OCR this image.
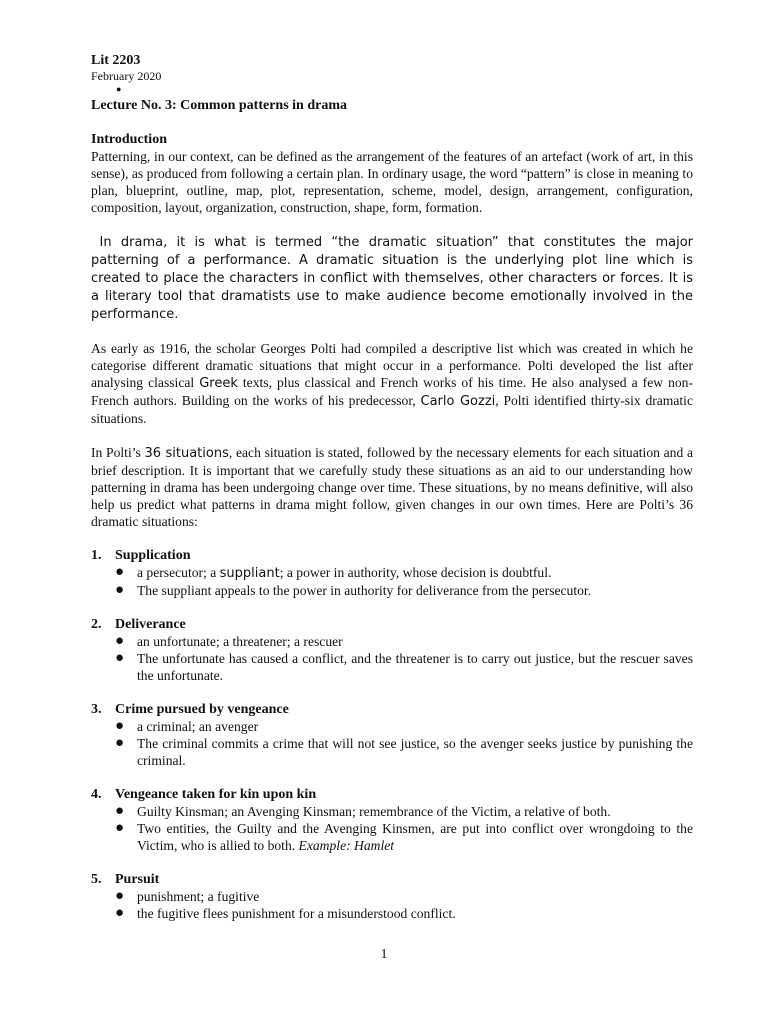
Lit 2203
February 2020
●
Lecture No. 3: Common patterns in drama
Introduction

Patterning, in our context, can be defined as the arrangement of the features of an artefact (work of art, in this sense), as produced from following a certain plan. In ordinary usage, the word “pattern” is close in meaning to plan, blueprint, outline, map, plot, representation, scheme, model, design, arrangement, configuration, composition, layout, organization, construction, shape, form, formation.

In drama, it is what is termed “the dramatic situation” that constitutes the major patterning of a performance. A dramatic situation is the underlying plot line which is created to place the characters in conflict with themselves, other characters or forces. It is a literary tool that dramatists use to make audience become emotionally involved in the performance.

As early as 1916, the scholar Georges Polti had compiled a descriptive list which was created in which he categorise different dramatic situations that might occur in a performance. Polti developed the list after analysing classical Greek texts, plus classical and French works of his time. He also analysed a few non-French authors. Building on the works of his predecessor, Carlo Gozzi, Polti identified thirty-six dramatic situations.

In Polti’s 36 situations, each situation is stated, followed by the necessary elements for each situation and a brief description. It is important that we carefully study these situations as an aid to our understanding how patterning in drama has been undergoing change over time. These situations, by no means definitive, will also help us predict what patterns in drama might follow, given changes in our own times. Here are Polti’s 36 dramatic situations:

1. Supplication
● a persecutor; a suppliant; a power in authority, whose decision is doubtful.
● The suppliant appeals to the power in authority for deliverance from the persecutor.
2. Deliverance
● an unfortunate; a threatener; a rescuer
● The unfortunate has caused a conflict, and the threatener is to carry out justice, but the rescuer saves the unfortunate.
3. Crime pursued by vengeance
● a criminal; an avenger
● The criminal commits a crime that will not see justice, so the avenger seeks justice by punishing the criminal.
4. Vengeance taken for kin upon kin
● Guilty Kinsman; an Avenging Kinsman; remembrance of the Victim, a relative of both.
● Two entities, the Guilty and the Avenging Kinsmen, are put into conflict over wrongdoing to the Victim, who is allied to both. Example: Hamlet
5. Pursuit
● punishment; a fugitive
● the fugitive flees punishment for a misunderstood conflict.
1
